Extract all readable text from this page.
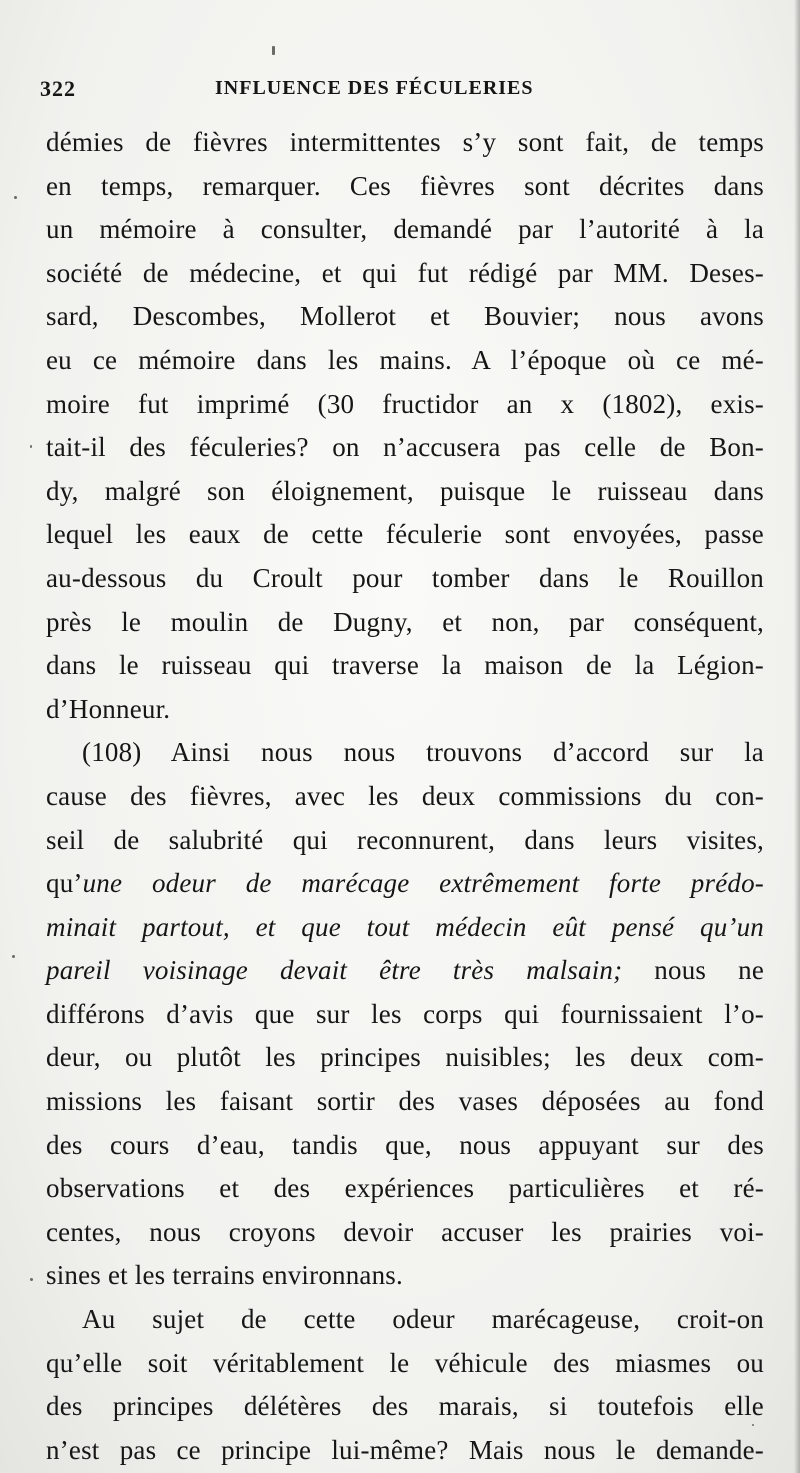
322	INFLUENCE DES FÉCULERIES
démies de fièvres intermittentes s’y sont fait, de temps
en temps, remarquer. Ces fièvres sont décrites dans
un mémoire à consulter, demandé par l’autorité à la
société de médecine, et qui fut rédigé par MM. Deses-
sard, Descombes, Mollerot et Bouvier; nous avons
eu ce mémoire dans les mains. A l’époque où ce mé-
moire fut imprimé (30 fructidor an x (1802), exis-
tait-il des féculeries? on n’accusera pas celle de Bon-
dy, malgré son éloignement, puisque le ruisseau dans
lequel les eaux de cette féculerie sont envoyées, passe
au-dessous du Croult pour tomber dans le Rouillon
près le moulin de Dugny, et non, par conséquent,
dans le ruisseau qui traverse la maison de la Légion-
d’Honneur.
(108) Ainsi nous nous trouvons d’accord sur la
cause des fièvres, avec les deux commissions du con-
seil de salubrité qui reconnurent, dans leurs visites,
qu’une odeur de marécage extrêmement forte prédo-
minait partout, et que tout médecin eût pensé qu’un
pareil voisinage devait être très malsain; nous ne
différons d’avis que sur les corps qui fournissaient l’o-
deur, ou plutôt les principes nuisibles; les deux com-
missions les faisant sortir des vases déposées au fond
des cours d’eau, tandis que, nous appuyant sur des
observations et des expériences particulières et ré-
centes, nous croyons devoir accuser les prairies voi-
sines et les terrains environnans.
Au sujet de cette odeur marécageuse, croit-on
qu’elle soit véritablement le véhicule des miasmes ou
des principes délétères des marais, si toutefois elle
n’est pas ce principe lui-même? Mais nous le demande-
